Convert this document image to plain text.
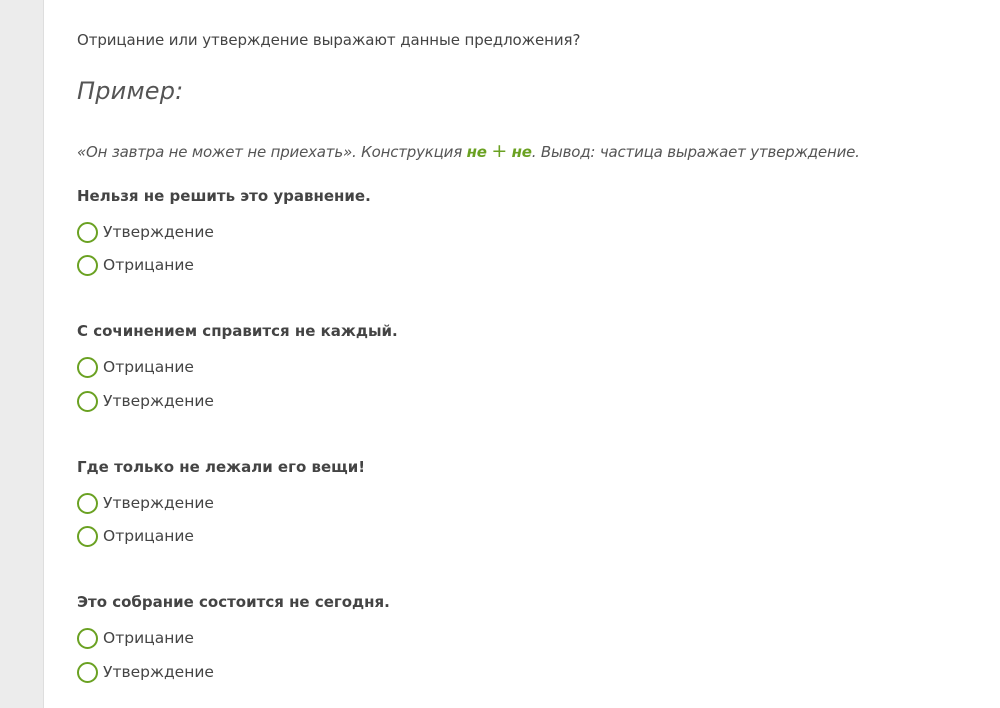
Отрицание или утверждение выражают данные предложения?
Пример:
«Он завтра не может не приехать». Конструкция не + не. Вывод: частица выражает утверждение.
Нельзя не решить это уравнение.
Утверждение
Отрицание
С сочинением справится не каждый.
Отрицание
Утверждение
Где только не лежали его вещи!
Утверждение
Отрицание
Это собрание состоится не сегодня.
Отрицание
Утверждение
